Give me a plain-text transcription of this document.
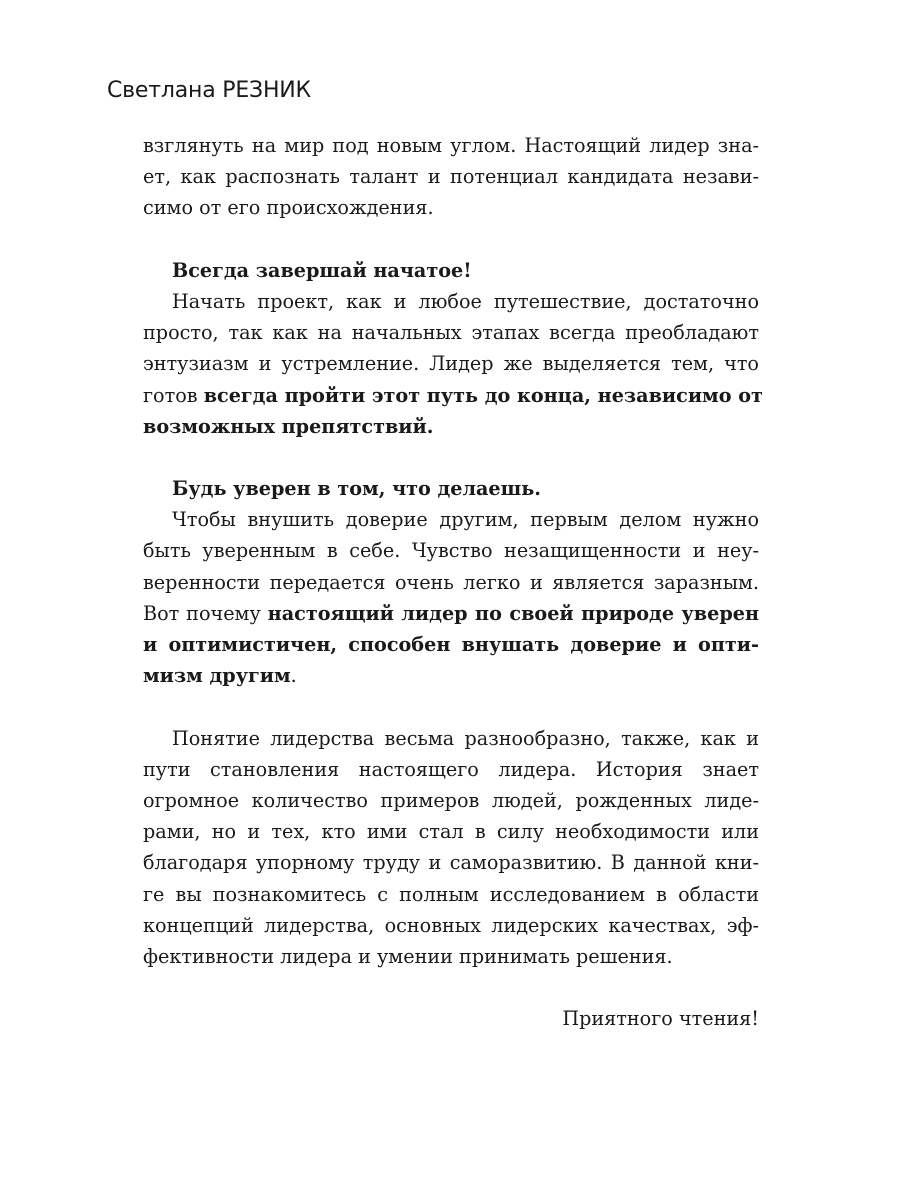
Светлана РЕЗНИК
взглянуть на мир под новым углом. Настоящий лидер зна-
ет, как распознать талант и потенциал кандидата незави-
симо от его происхождения.
Всегда завершай начатое!
Начать проект, как и любое путешествие, достаточно
просто, так как на начальных этапах всегда преобладают
энтузиазм и устремление. Лидер же выделяется тем, что
готов всегда пройти этот путь до конца, независимо от
возможных препятствий.
Будь уверен в том, что делаешь.
Чтобы внушить доверие другим, первым делом нужно
быть уверенным в себе. Чувство незащищенности и неу-
веренности передается очень легко и является заразным.
Вот почему настоящий лидер по своей природе уверен
и оптимистичен, способен внушать доверие и опти-
мизм другим.
Понятие лидерства весьма разнообразно, также, как и
пути становления настоящего лидера. История знает
огромное количество примеров людей, рожденных лиде-
рами, но и тех, кто ими стал в силу необходимости или
благодаря упорному труду и саморазвитию. В данной кни-
ге вы познакомитесь с полным исследованием в области
концепций лидерства, основных лидерских качествах, эф-
фективности лидера и умении принимать решения.
Приятного чтения!
